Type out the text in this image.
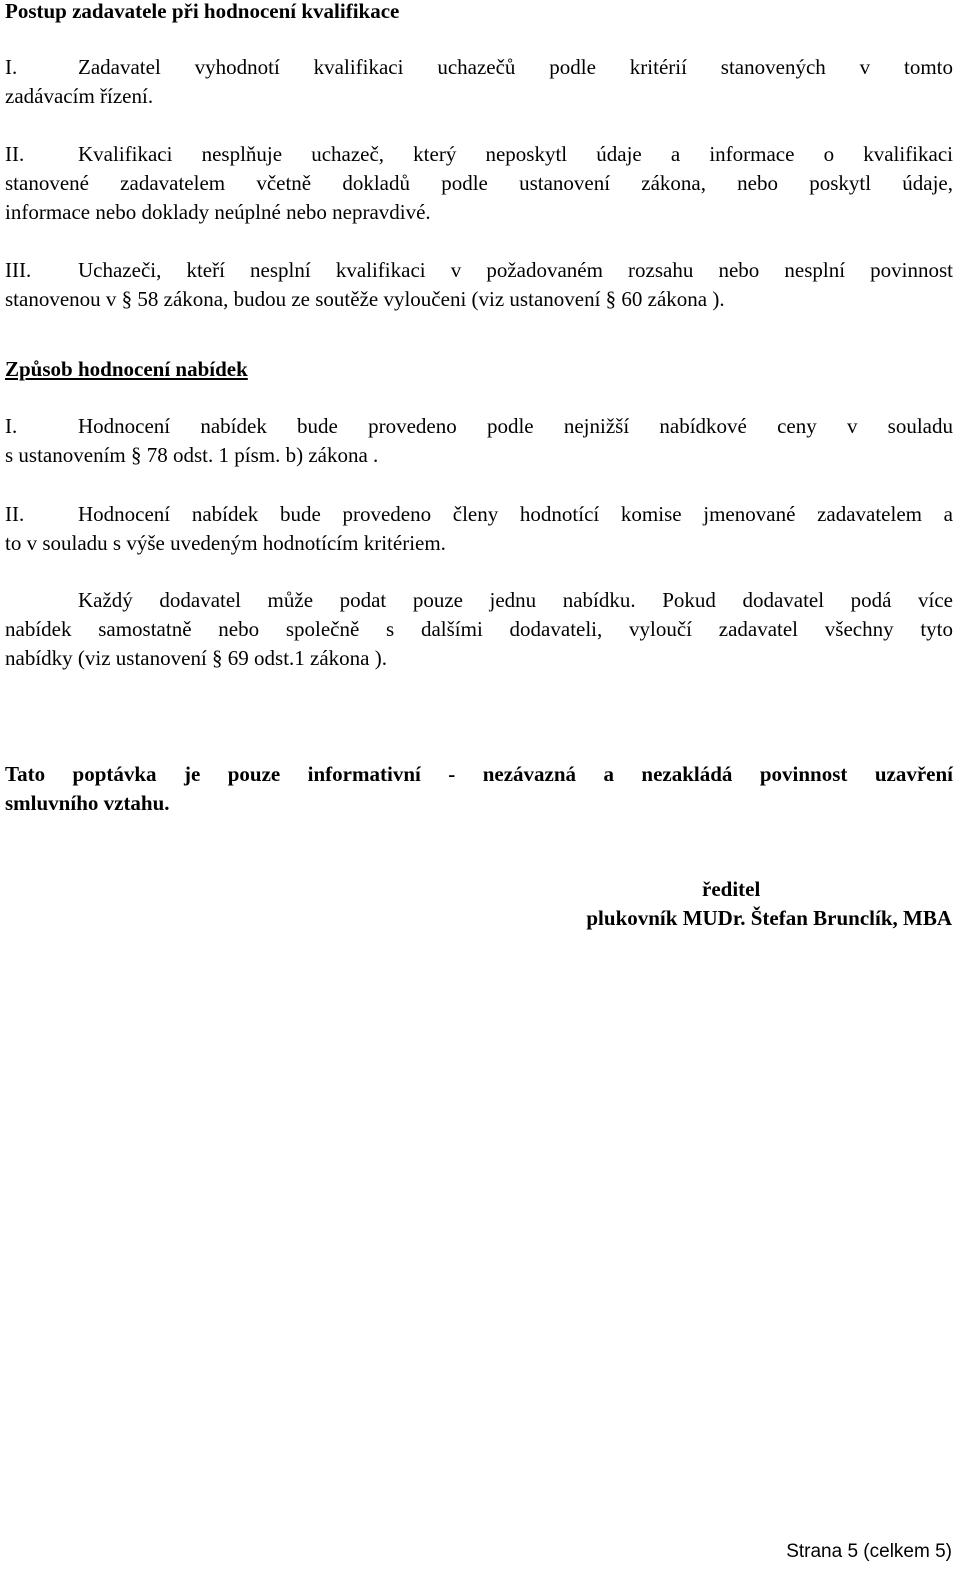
Postup zadavatele při hodnocení kvalifikace
I.	Zadavatel vyhodnotí kvalifikaci uchazečů podle kritérií stanovených v tomto
zadávacím řízení.
II.	Kvalifikaci nesplňuje uchazeč, který neposkytl údaje a informace o kvalifikaci
stanovené zadavatelem včetně dokladů podle ustanovení zákona, nebo poskytl údaje,
informace nebo doklady neúplné nebo nepravdivé.
III. Uchazeči, kteří nesplní kvalifikaci v požadovaném rozsahu nebo nesplní povinnost
stanovenou v § 58 zákona, budou ze soutěže vyloučeni (viz ustanovení § 60 zákona ).
Způsob hodnocení nabídek
I.	Hodnocení nabídek bude provedeno podle nejnižší nabídkové ceny v souladu
s ustanovením § 78 odst. 1 písm. b) zákona .
II.	Hodnocení nabídek bude provedeno členy hodnotící komise jmenované zadavatelem a
to v souladu s výše uvedeným hodnotícím kritériem.
Každý dodavatel může podat pouze jednu nabídku. Pokud dodavatel podá více
nabídek samostatně nebo společně s dalšími dodavateli, vyloučí zadavatel všechny tyto
nabídky (viz ustanovení § 69 odst.1 zákona ).
Tato poptávka je pouze informativní - nezávazná a nezakládá povinnost uzavření
smluvního vztahu.
ředitel
plukovník MUDr. Štefan Brunclík, MBA
Strana 5 (celkem 5)
